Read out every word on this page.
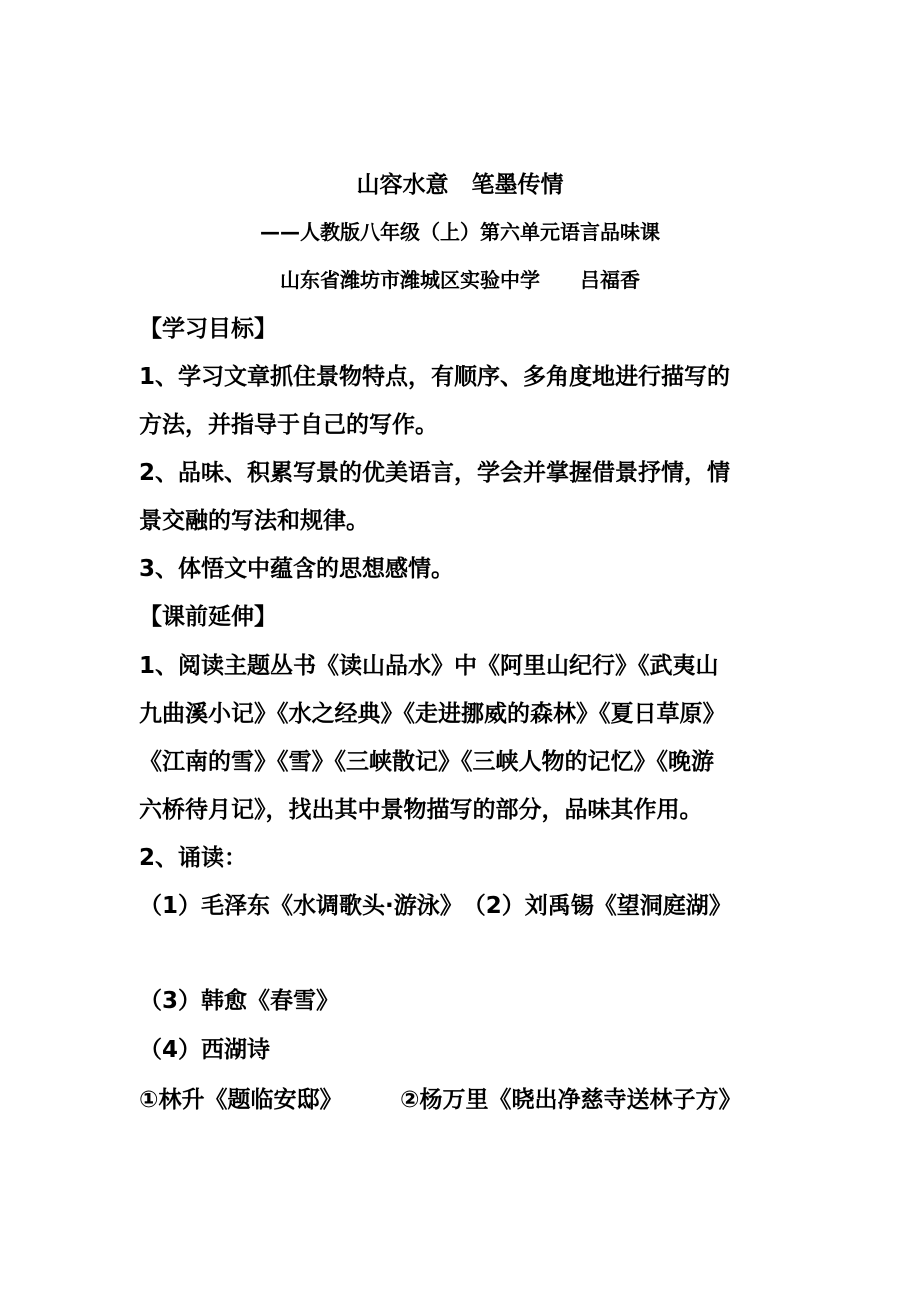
山容水意　笔墨传情
——人教版八年级（上）第六单元语言品味课
山东省潍坊市潍城区实验中学　　吕福香
【学习目标】
1、学习文章抓住景物特点，有顺序、多角度地进行描写的
方法，并指导于自己的写作。
2、品味、积累写景的优美语言，学会并掌握借景抒情，情
景交融的写法和规律。
3、体悟文中蕴含的思想感情。
【课前延伸】
1、阅读主题丛书《读山品水》中《阿里山纪行》《武夷山
九曲溪小记》《水之经典》《走进挪威的森林》《夏日草原》
《江南的雪》《雪》《三峡散记》《三峡人物的记忆》《晚游
六桥待月记》，找出其中景物描写的部分，品味其作用。
2、诵读：
（1）毛泽东《水调歌头·游泳》　（2）刘禹锡《望洞庭湖》
（3）韩愈《春雪》
（4）西湖诗
①林升《题临安邸》　　　②杨万里《晓出净慈寺送林子方》
